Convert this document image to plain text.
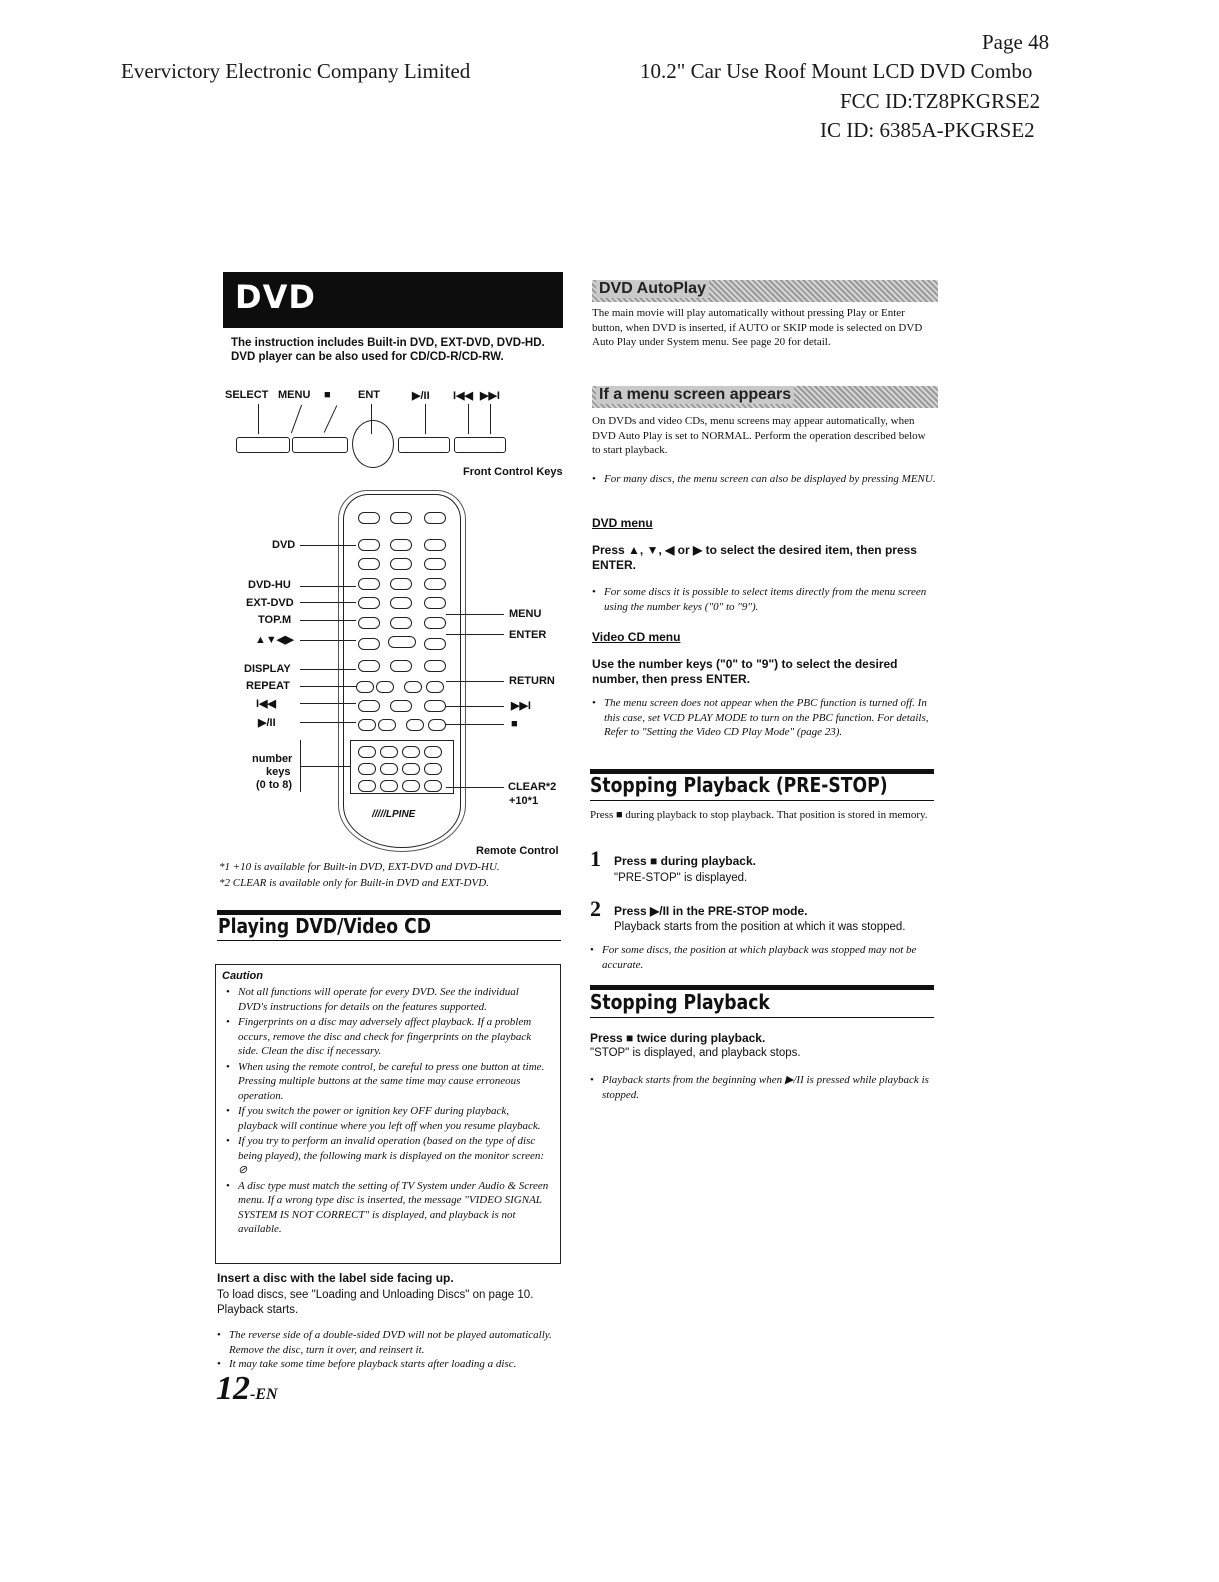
Page 48
Evervictory Electronic Company Limited	10.2" Car Use Roof Mount LCD DVD Combo
FCC ID:TZ8PKGRSE2
IC ID: 6385A-PKGRSE2
DVD
The instruction includes Built-in DVD, EXT-DVD, DVD-HD. DVD player can be also used for CD/CD-R/CD-RW.
SELECT MENU ■ ENT	▶/II I◀◀ ▶▶I
Front Control Keys
/////LPINE
DVD
DVD-HU
EXT-DVD
TOP.M
▲▼◀▶
DISPLAY
REPEAT
I◀◀
▶/II
number
keys
(0 to 8)
MENU
ENTER
RETURN
▶▶I
■
CLEAR*2
+10*1
Remote Control
*1 +10 is available for Built-in DVD, EXT-DVD and DVD-HU.
*2 CLEAR is available only for Built-in DVD and EXT-DVD.
Playing DVD/Video CD
Caution
• Not all functions will operate for every DVD. See the individual DVD's instructions for details on the features supported.
• Fingerprints on a disc may adversely affect playback. If a problem occurs, remove the disc and check for fingerprints on the playback side. Clean the disc if necessary.
• When using the remote control, be careful to press one button at time. Pressing multiple buttons at the same time may cause erroneous operation.
• If you switch the power or ignition key OFF during playback, playback will continue where you left off when you resume playback.
• If you try to perform an invalid operation (based on the type of disc being played), the following mark is displayed on the monitor screen: ⊘
• A disc type must match the setting of TV System under Audio & Screen menu. If a wrong type disc is inserted, the message "VIDEO SIGNAL SYSTEM IS NOT CORRECT" is displayed, and playback is not available.
Insert a disc with the label side facing up.
To load discs, see "Loading and Unloading Discs" on page 10. Playback starts.
• The reverse side of a double-sided DVD will not be played automatically. Remove the disc, turn it over, and reinsert it.
• It may take some time before playback starts after loading a disc.
12-EN
DVD AutoPlay
The main movie will play automatically without pressing Play or Enter button, when DVD is inserted, if AUTO or SKIP mode is selected on DVD Auto Play under System menu. See page 20 for detail.
If a menu screen appears
On DVDs and video CDs, menu screens may appear automatically, when DVD Auto Play is set to NORMAL. Perform the operation described below to start playback.
• For many discs, the menu screen can also be displayed by pressing MENU.
DVD menu
Press ▲, ▼, ◀ or ▶ to select the desired item, then press ENTER.
• For some discs it is possible to select items directly from the menu screen using the number keys ("0" to "9").
Video CD menu
Use the number keys ("0" to "9") to select the desired number, then press ENTER.
• The menu screen does not appear when the PBC function is turned off. In this case, set VCD PLAY MODE to turn on the PBC function. For details, Refer to "Setting the Video CD Play Mode" (page 23).
Stopping Playback (PRE-STOP)
Press ■ during playback to stop playback. That position is stored in memory.
1 Press ■ during playback.
"PRE-STOP" is displayed.
2 Press ▶/II in the PRE-STOP mode.
Playback starts from the position at which it was stopped.
• For some discs, the position at which playback was stopped may not be accurate.
Stopping Playback
Press ■ twice during playback.
"STOP" is displayed, and playback stops.
• Playback starts from the beginning when ▶/II is pressed while playback is stopped.
